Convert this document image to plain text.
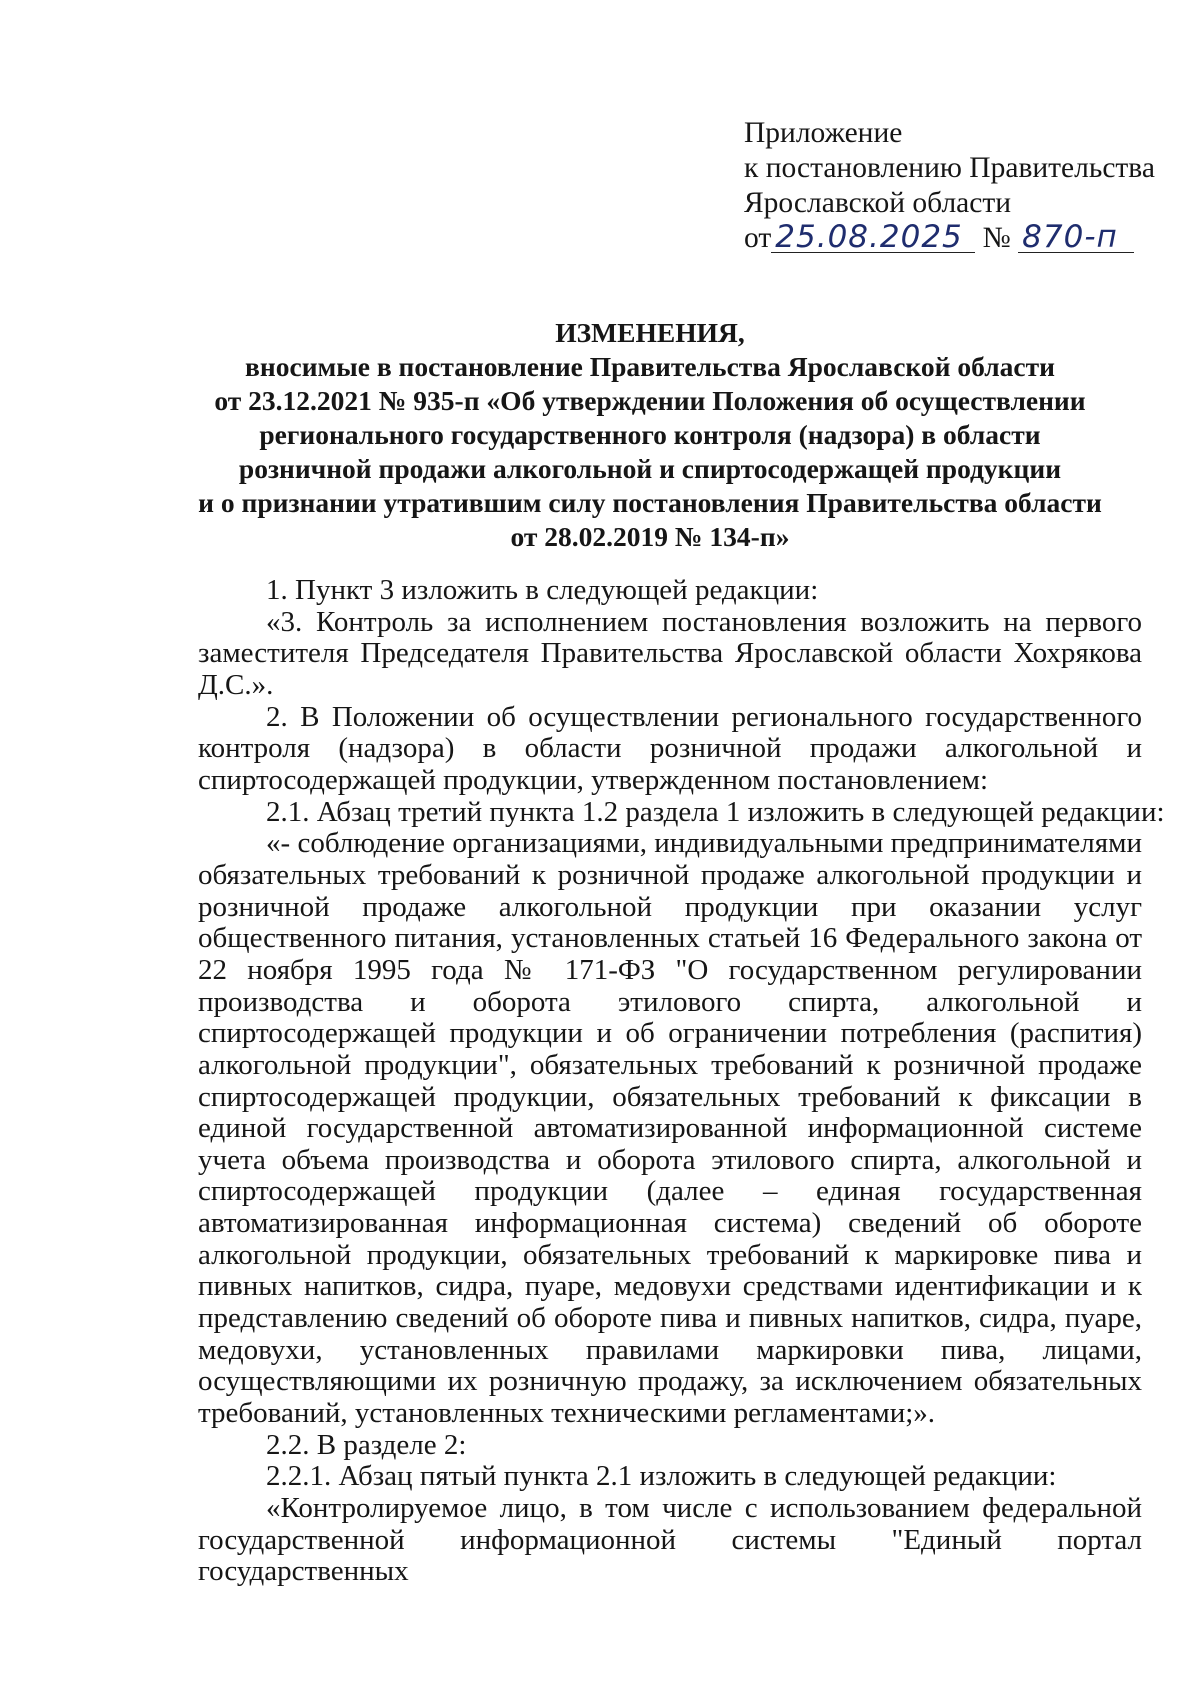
Приложение
к постановлению Правительства
Ярославской области
от 25.08.2025 № 870-п
ИЗМЕНЕНИЯ,
вносимые в постановление Правительства Ярославской области
от 23.12.2021 № 935-п «Об утверждении Положения об осуществлении
регионального государственного контроля (надзора) в области
розничной продажи алкогольной и спиртосодержащей продукции
и о признании утратившим силу постановления Правительства области
от 28.02.2019 № 134-п»

1. Пункт 3 изложить в следующей редакции:

«3. Контроль за исполнением постановления возложить на первого заместителя Председателя Правительства Ярославской области Хохрякова Д.С.».

2. В Положении об осуществлении регионального государственного контроля (надзора) в области розничной продажи алкогольной и спиртосодержащей продукции, утвержденном постановлением:

2.1. Абзац третий пункта 1.2 раздела 1 изложить в следующей редакции:

«- соблюдение организациями, индивидуальными предпринимателями обязательных требований к розничной продаже алкогольной продукции и розничной продаже алкогольной продукции при оказании услуг общественного питания, установленных статьей 16 Федерального закона от 22 ноября 1995 года № 171-ФЗ "О государственном регулировании производства и оборота этилового спирта, алкогольной и спиртосодержащей продукции и об ограничении потребления (распития) алкогольной продукции", обязательных требований к розничной продаже спиртосодержащей продукции, обязательных требований к фиксации в единой государственной автоматизированной информационной системе учета объема производства и оборота этилового спирта, алкогольной и спиртосодержащей продукции (далее – единая государственная автоматизированная информационная система) сведений об обороте алкогольной продукции, обязательных требований к маркировке пива и пивных напитков, сидра, пуаре, медовухи средствами идентификации и к представлению сведений об обороте пива и пивных напитков, сидра, пуаре, медовухи, установленных правилами маркировки пива, лицами, осуществляющими их розничную продажу, за исключением обязательных требований, установленных техническими регламентами;».

2.2. В разделе 2:

2.2.1. Абзац пятый пункта 2.1 изложить в следующей редакции:

«Контролируемое лицо, в том числе с использованием федеральной государственной информационной системы "Единый портал государственных
